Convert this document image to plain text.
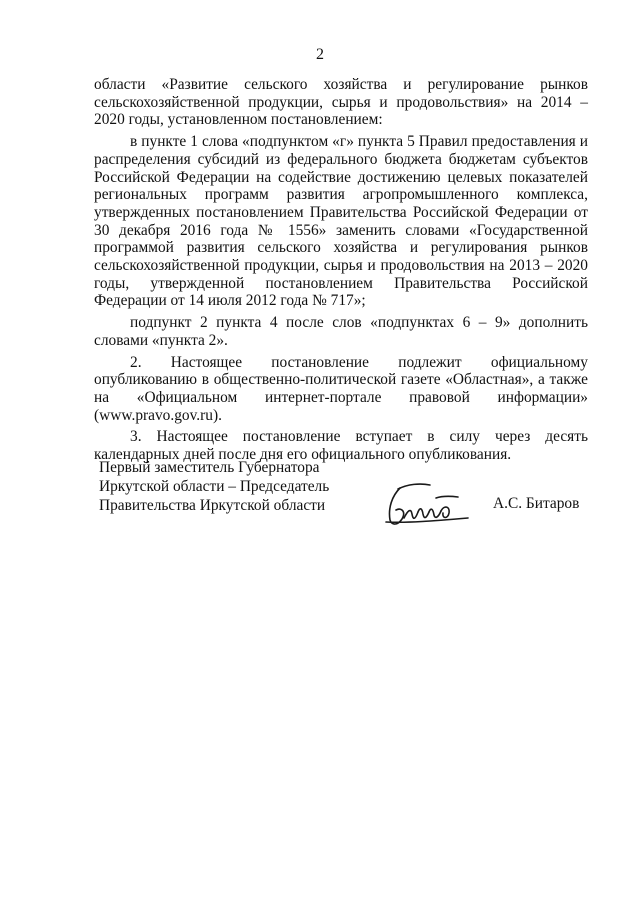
2

области «Развитие сельского хозяйства и регулирование рынков сельскохозяйственной продукции, сырья и продовольствия» на 2014 – 2020 годы, установленном постановлением:

в пункте 1 слова «подпунктом «г» пункта 5 Правил предоставления и распределения субсидий из федерального бюджета бюджетам субъектов Российской Федерации на содействие достижению целевых показателей региональных программ развития агропромышленного комплекса, утвержденных постановлением Правительства Российской Федерации от 30 декабря 2016 года № 1556» заменить словами «Государственной программой развития сельского хозяйства и регулирования рынков сельскохозяйственной продукции, сырья и продовольствия на 2013 – 2020 годы, утвержденной постановлением Правительства Российской Федерации от 14 июля 2012 года № 717»;

подпункт 2 пункта 4 после слов «подпунктах 6 – 9» дополнить словами «пункта 2».

2. Настоящее постановление подлежит официальному опубликованию в общественно-политической газете «Областная», а также на «Официальном интернет-портале правовой информации» (www.pravo.gov.ru).

3. Настоящее постановление вступает в силу через десять календарных дней после дня его официального опубликования.

Первый заместитель Губернатора
Иркутской области – Председатель
Правительства Иркутской области	А.С. Битаров
